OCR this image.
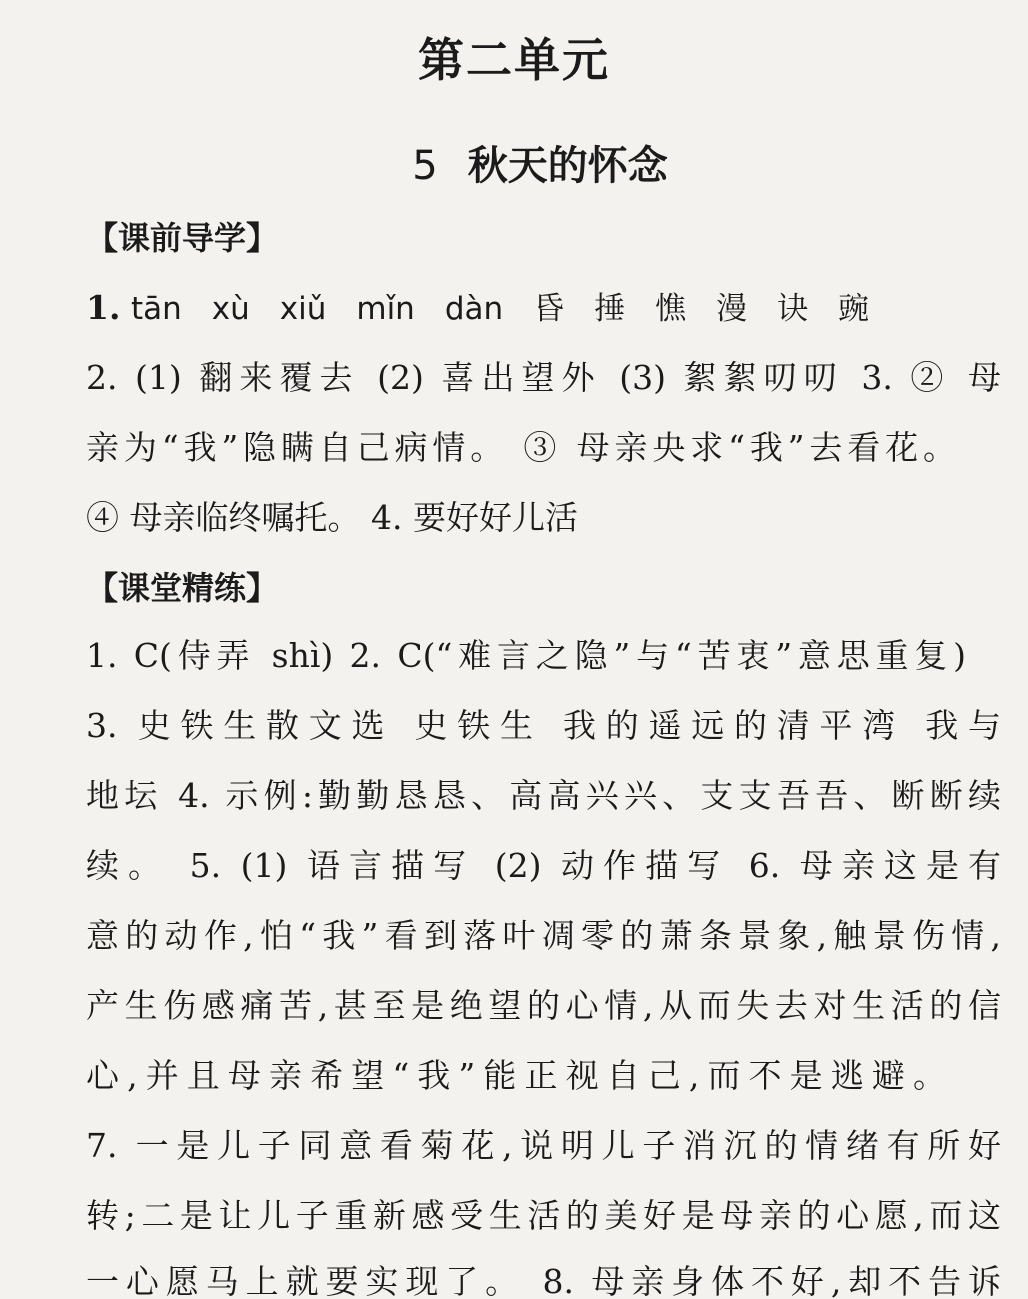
第二单元
5 秋天的怀念
【课前导学】
1. tān xù xiǔ mǐn dàn 昏 捶 憔 漫 诀 豌
2. (1) 翻来覆去 (2) 喜出望外 (3) 絮絮叨叨 3. ② 母
亲为“我”隐瞒自己病情。 ③ 母亲央求“我”去看花。
④ 母亲临终嘱托。 4. 要好好儿活
【课堂精练】
1. C(侍弄 shì) 2. C(“难言之隐”与“苦衷”意思重复)
3. 史铁生散文选 史铁生 我的遥远的清平湾 我与
地坛 4. 示例:勤勤恳恳、高高兴兴、支支吾吾、断断续
续。 5. (1) 语言描写 (2) 动作描写 6. 母亲这是有
意的动作,怕“我”看到落叶凋零的萧条景象,触景伤情,
产生伤感痛苦,甚至是绝望的心情,从而失去对生活的信
心,并且母亲希望“我”能正视自己,而不是逃避。
7. 一是儿子同意看菊花,说明儿子消沉的情绪有所好
转;二是让儿子重新感受生活的美好是母亲的心愿,而这
一心愿马上就要实现了。 8. 母亲身体不好,却不告诉
